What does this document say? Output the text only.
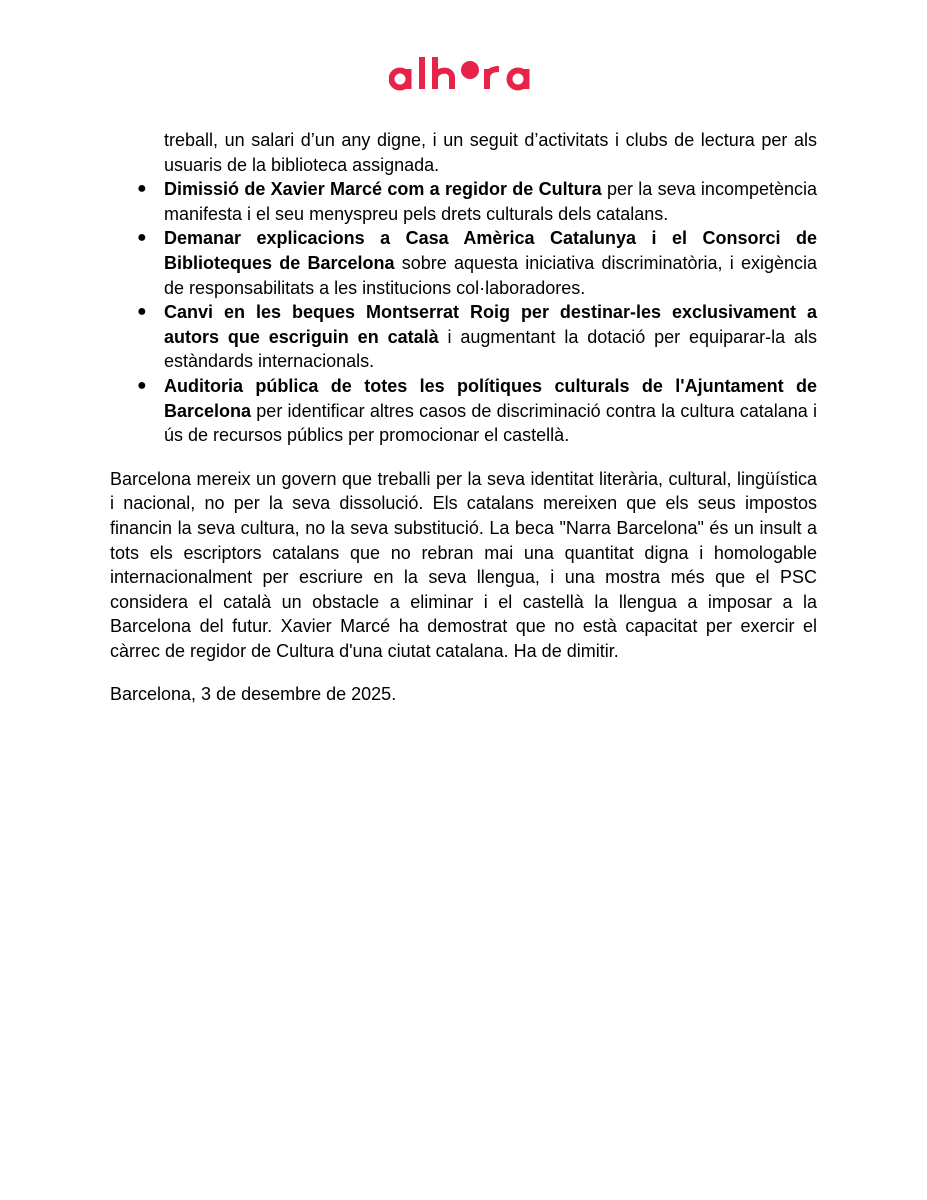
treball, un salari d’un any digne, i un seguit d’activitats i clubs de lectura per als usuaris de la biblioteca assignada.
● Dimissió de Xavier Marcé com a regidor de Cultura per la seva incompetència manifesta i el seu menyspreu pels drets culturals dels catalans.
● Demanar explicacions a Casa Amèrica Catalunya i el Consorci de Biblioteques de Barcelona sobre aquesta iniciativa discriminatòria, i exigència de responsabilitats a les institucions col·laboradores.
● Canvi en les beques Montserrat Roig per destinar-les exclusivament a autors que escriguin en català i augmentant la dotació per equiparar-la als estàndards internacionals.
● Auditoria pública de totes les polítiques culturals de l'Ajuntament de Barcelona per identificar altres casos de discriminació contra la cultura catalana i ús de recursos públics per promocionar el castellà.

Barcelona mereix un govern que treballi per la seva identitat literària, cultural, lingüística i nacional, no per la seva dissolució. Els catalans mereixen que els seus impostos financin la seva cultura, no la seva substitució. La beca "Narra Barcelona" és un insult a tots els escriptors catalans que no rebran mai una quantitat digna i homologable internacionalment per escriure en la seva llengua, i una mostra més que el PSC considera el català un obstacle a eliminar i el castellà la llengua a imposar a la Barcelona del futur. Xavier Marcé ha demostrat que no està capacitat per exercir el càrrec de regidor de Cultura d'una ciutat catalana. Ha de dimitir.

Barcelona, 3 de desembre de 2025.
